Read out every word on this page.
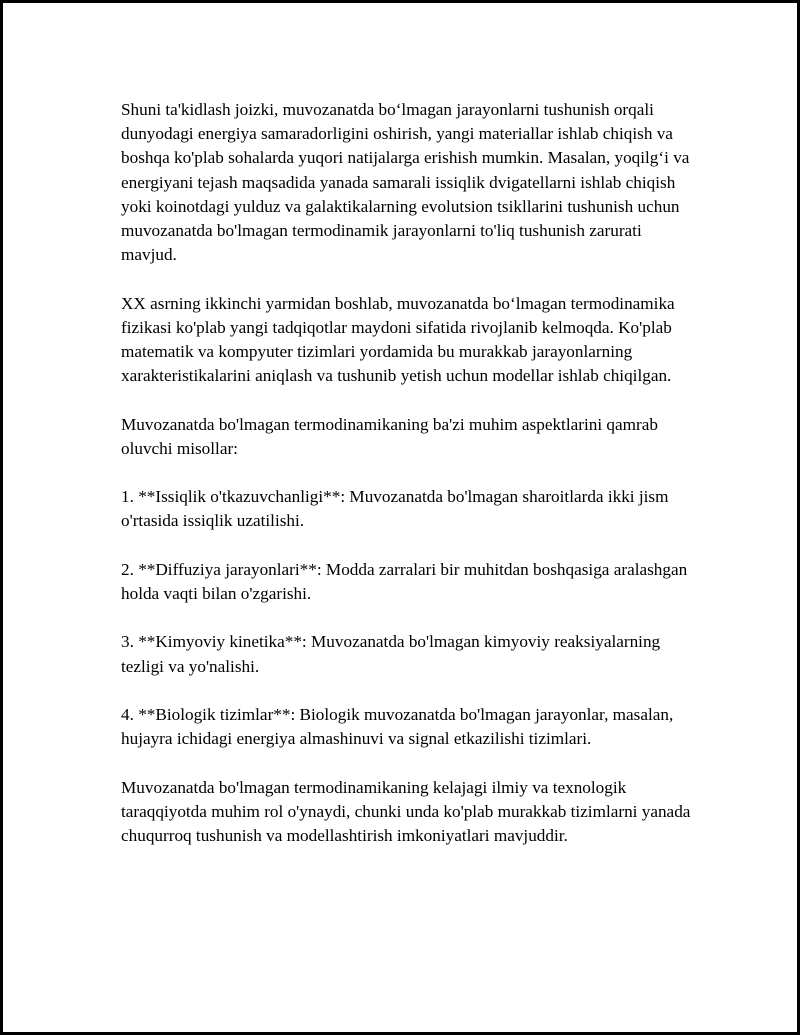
Shuni ta'kidlash joizki, muvozanatda bo‘lmagan jarayonlarni tushunish orqali dunyodagi energiya samaradorligini oshirish, yangi materiallar ishlab chiqish va boshqa ko'plab sohalarda yuqori natijalarga erishish mumkin. Masalan, yoqilg‘i va energiyani tejash maqsadida yanada samarali issiqlik dvigatellarni ishlab chiqish yoki koinotdagi yulduz va galaktikalarning evolutsion tsikllarini tushunish uchun muvozanatda bo'lmagan termodinamik jarayonlarni to'liq tushunish zarurati mavjud.

XX asrning ikkinchi yarmidan boshlab, muvozanatda bo‘lmagan termodinamika fizikasi ko'plab yangi tadqiqotlar maydoni sifatida rivojlanib kelmoqda. Ko'plab matematik va kompyuter tizimlari yordamida bu murakkab jarayonlarning xarakteristikalarini aniqlash va tushunib yetish uchun modellar ishlab chiqilgan.

Muvozanatda bo'lmagan termodinamikaning ba'zi muhim aspektlarini qamrab oluvchi misollar:

1. **Issiqlik o'tkazuvchanligi**: Muvozanatda bo'lmagan sharoitlarda ikki jism o'rtasida issiqlik uzatilishi.

2. **Diffuziya jarayonlari**: Modda zarralari bir muhitdan boshqasiga aralashgan holda vaqti bilan o'zgarishi.

3. **Kimyoviy kinetika**: Muvozanatda bo'lmagan kimyoviy reaksiyalarning tezligi va yo'nalishi.

4. **Biologik tizimlar**: Biologik muvozanatda bo'lmagan jarayonlar, masalan, hujayra ichidagi energiya almashinuvi va signal etkazilishi tizimlari.

Muvozanatda bo'lmagan termodinamikaning kelajagi ilmiy va texnologik taraqqiyotda muhim rol o'ynaydi, chunki unda ko'plab murakkab tizimlarni yanada chuqurroq tushunish va modellashtirish imkoniyatlari mavjuddir.
